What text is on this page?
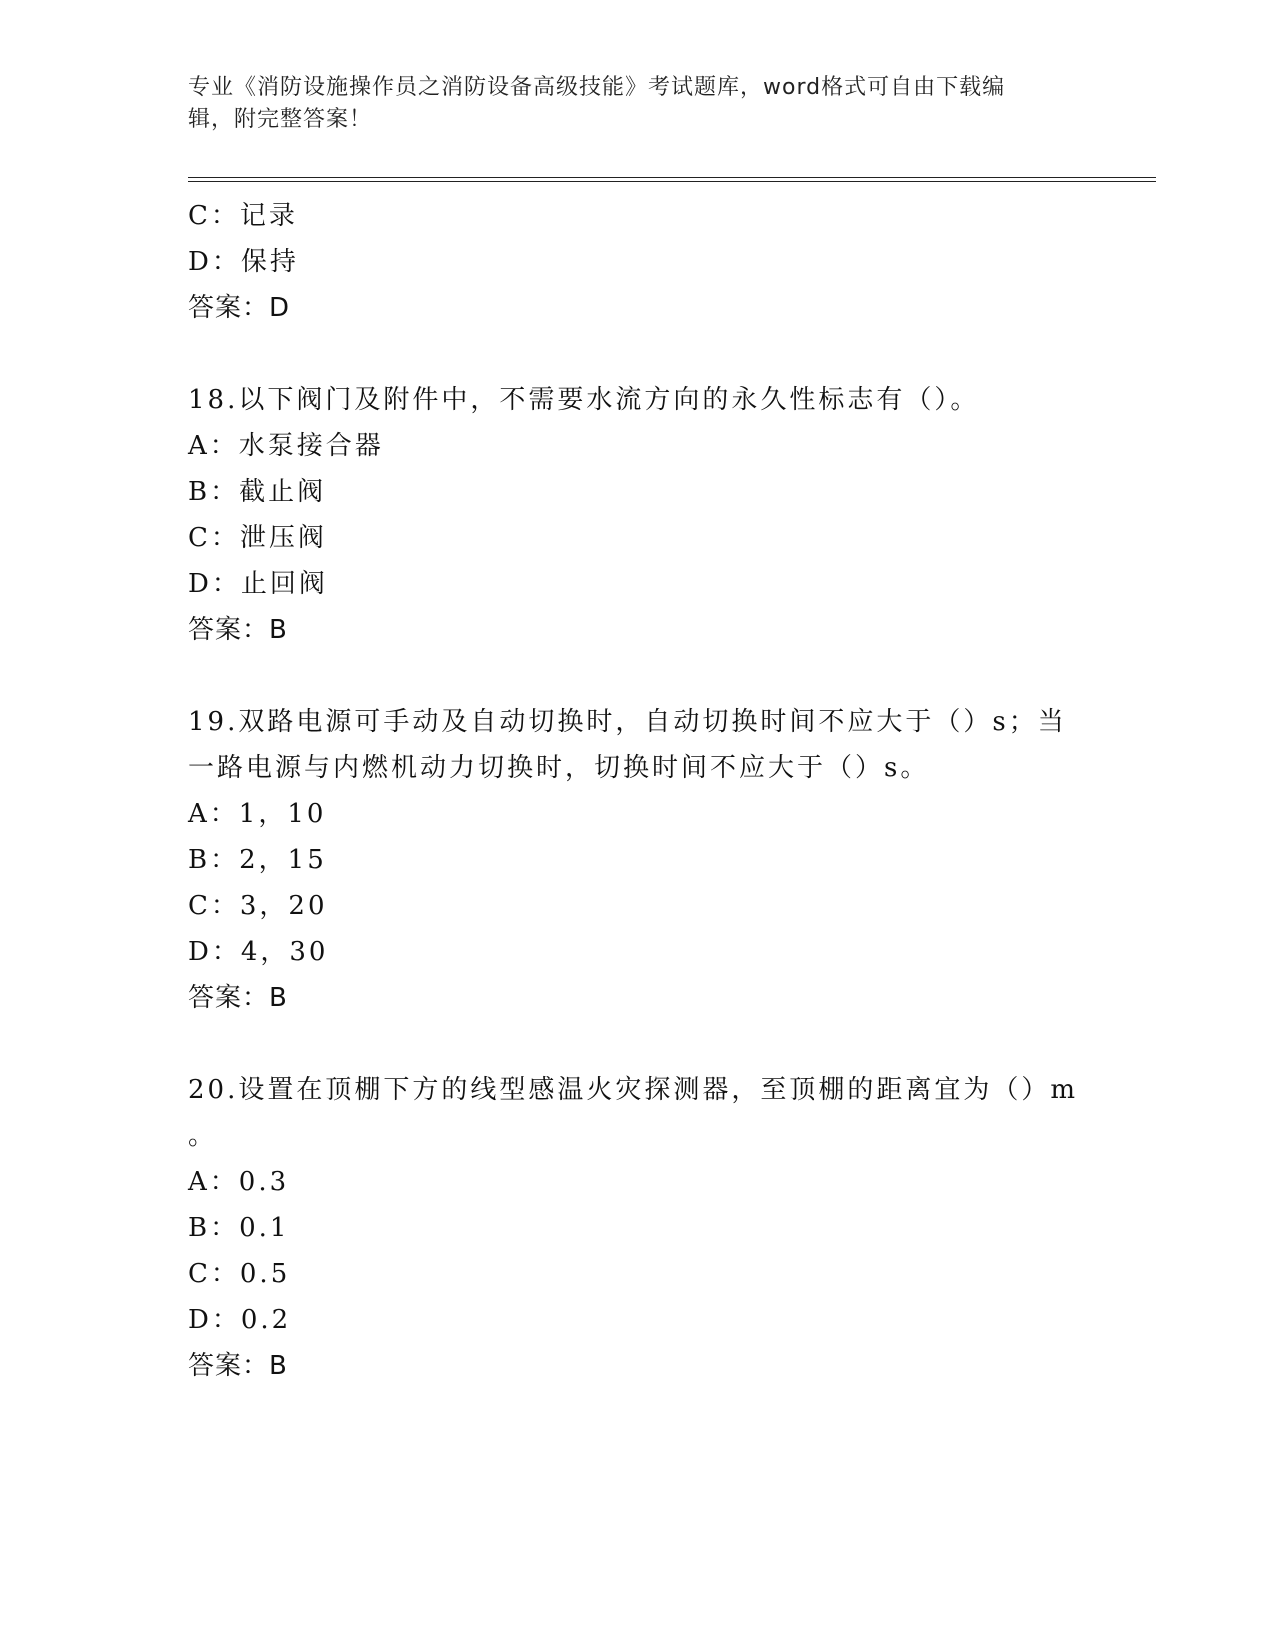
专业《消防设施操作员之消防设备高级技能》考试题库，word格式可自由下载编
辑，附完整答案！
C：记录
D：保持
答案：D
18.以下阀门及附件中，不需要水流方向的永久性标志有（）。
A：水泵接合器
B：截止阀
C：泄压阀
D：止回阀
答案：B
19.双路电源可手动及自动切换时，自动切换时间不应大于（）s；当
一路电源与内燃机动力切换时，切换时间不应大于（）s。
A：1，10
B：2，15
C：3，20
D：4，30
答案：B
20.设置在顶棚下方的线型感温火灾探测器，至顶棚的距离宜为（）m
。
A：0.3
B：0.1
C：0.5
D：0.2
答案：B
